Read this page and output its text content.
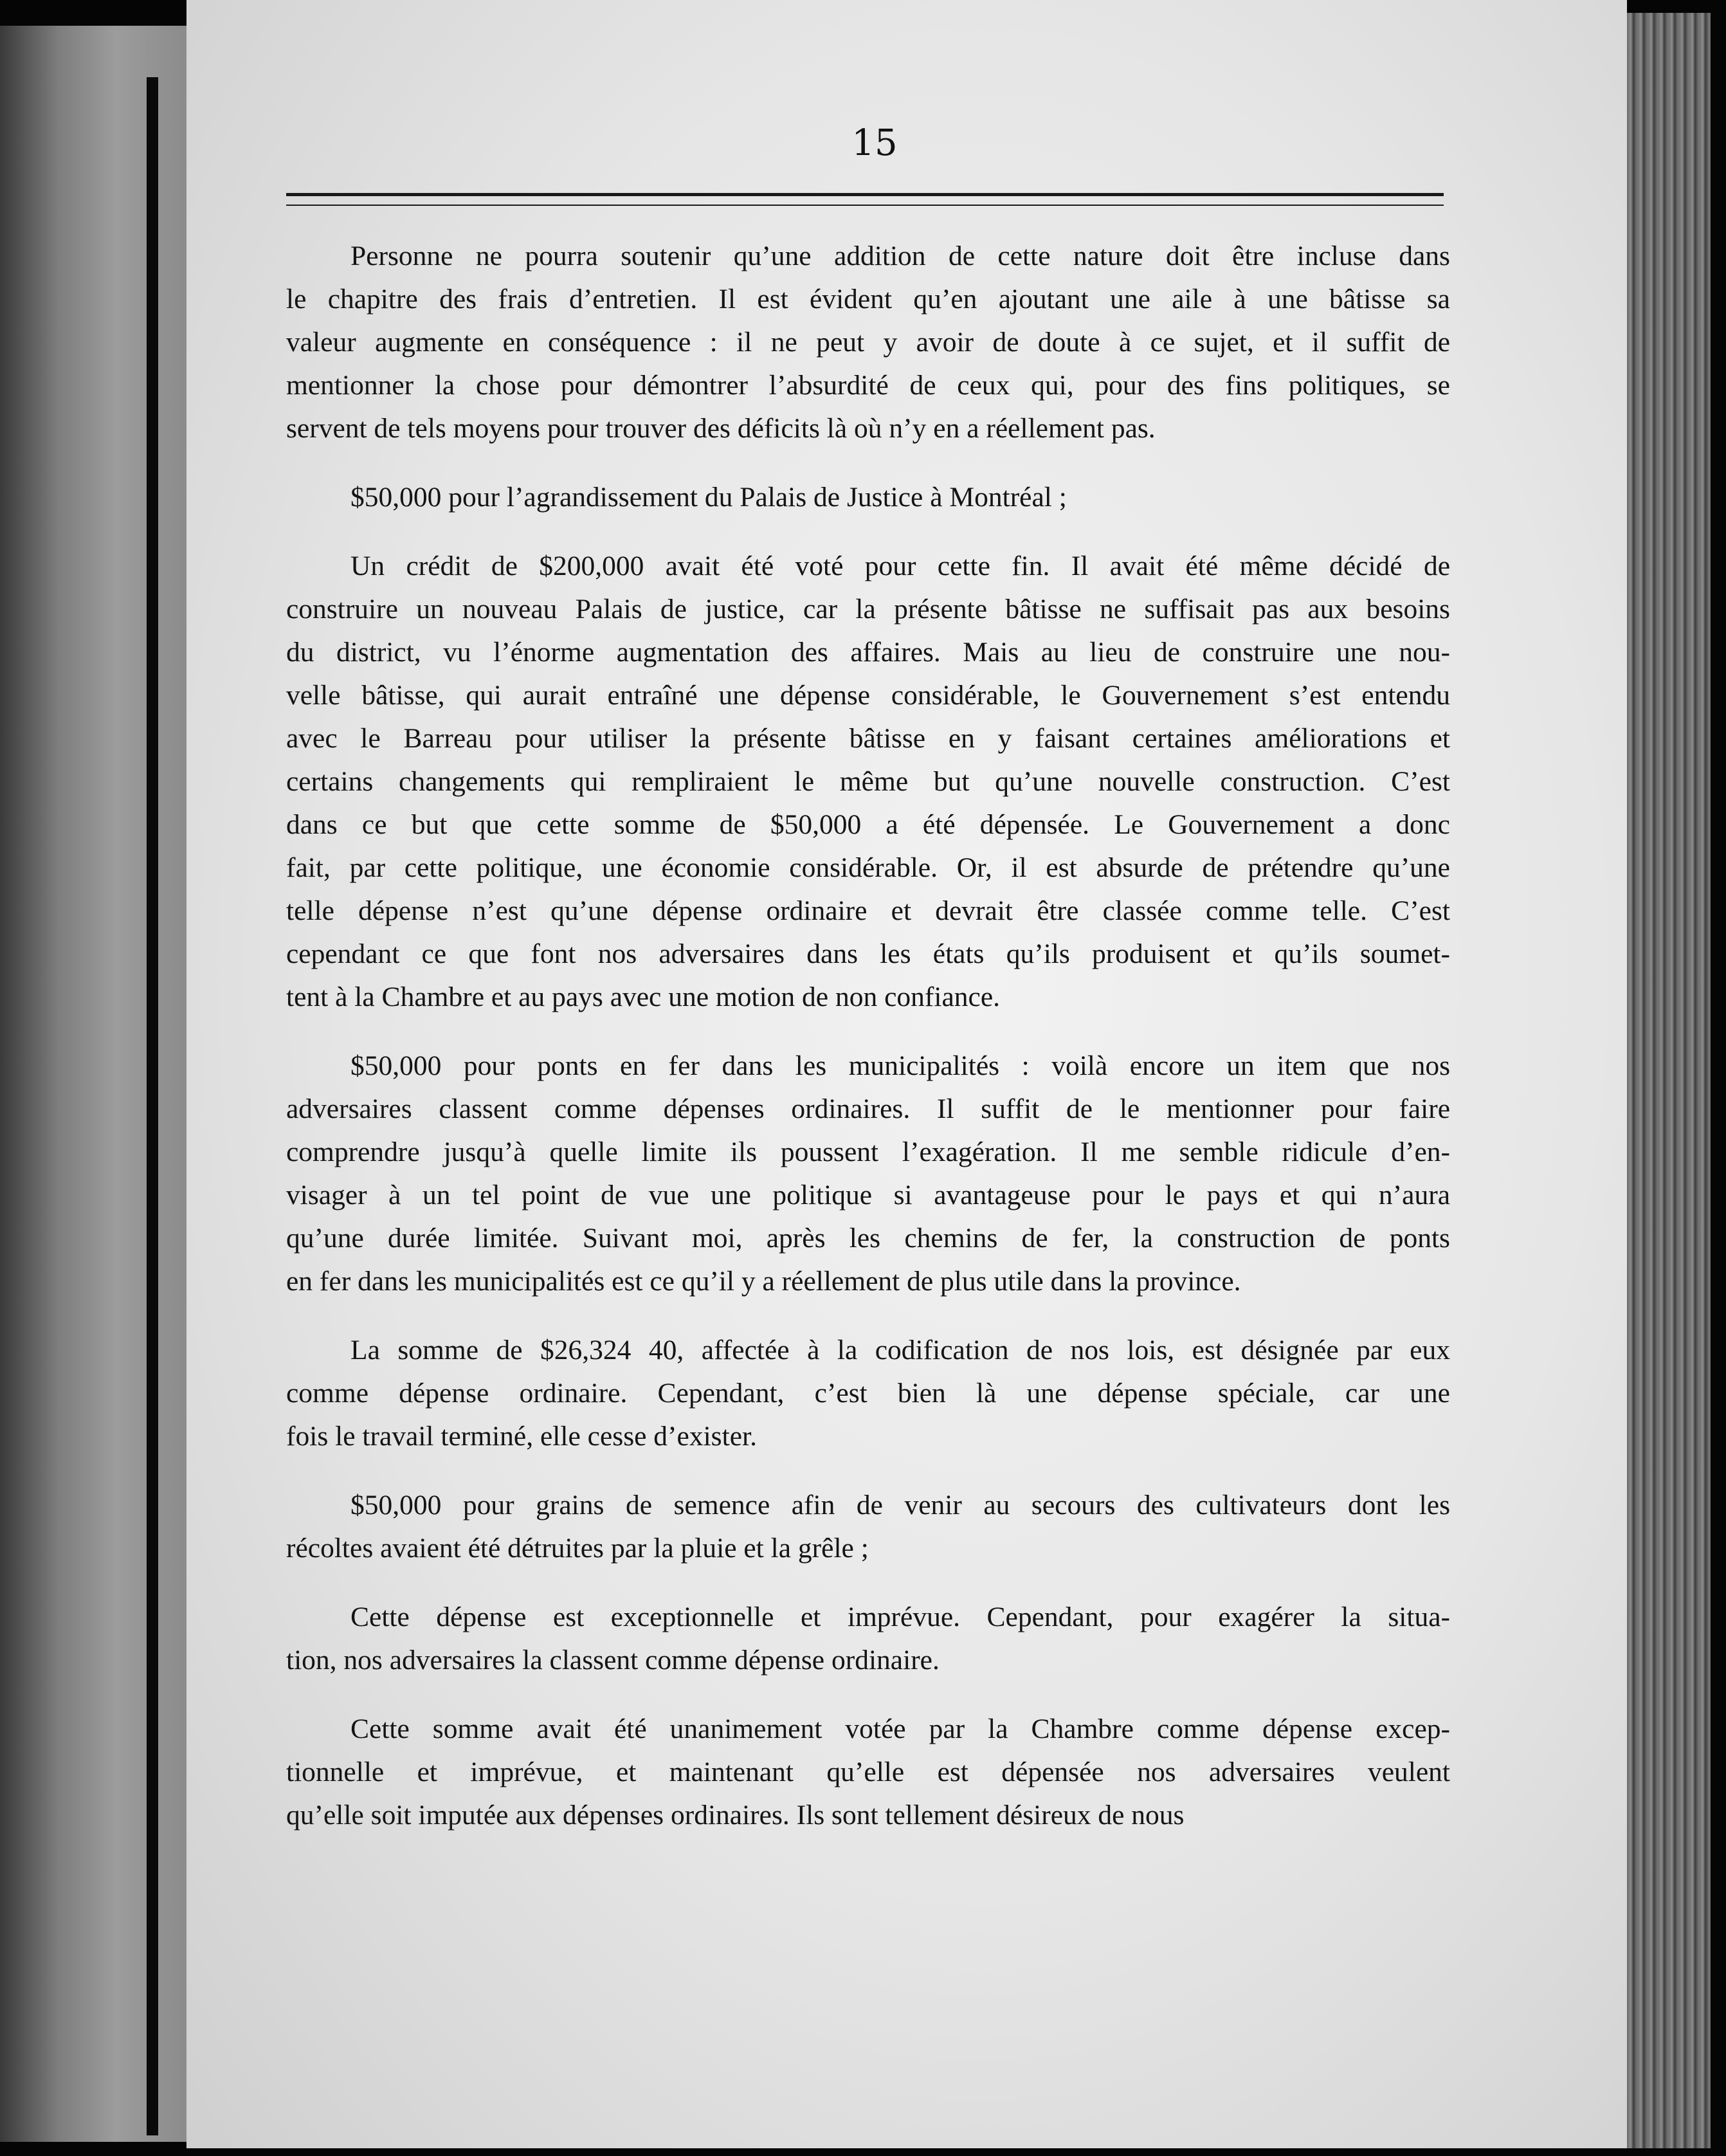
15
Personne ne pourra soutenir qu’une addition de cette nature doit être incluse dans
le chapitre des frais d’entretien. Il est évident qu’en ajoutant une aile à une bâtisse sa
valeur augmente en conséquence : il ne peut y avoir de doute à ce sujet, et il suffit de
mentionner la chose pour démontrer l’absurdité de ceux qui, pour des fins politiques, se
servent de tels moyens pour trouver des déficits là où n’y en a réellement pas.
$50,000 pour l’agrandissement du Palais de Justice à Montréal ;
Un crédit de $200,000 avait été voté pour cette fin. Il avait été même décidé de
construire un nouveau Palais de justice, car la présente bâtisse ne suffisait pas aux besoins
du district, vu l’énorme augmentation des affaires. Mais au lieu de construire une nou-
velle bâtisse, qui aurait entraîné une dépense considérable, le Gouvernement s’est entendu
avec le Barreau pour utiliser la présente bâtisse en y faisant certaines améliorations et
certains changements qui rempliraient le même but qu’une nouvelle construction. C’est
dans ce but que cette somme de $50,000 a été dépensée. Le Gouvernement a donc
fait, par cette politique, une économie considérable. Or, il est absurde de prétendre qu’une
telle dépense n’est qu’une dépense ordinaire et devrait être classée comme telle. C’est
cependant ce que font nos adversaires dans les états qu’ils produisent et qu’ils soumet-
tent à la Chambre et au pays avec une motion de non confiance.
$50,000 pour ponts en fer dans les municipalités : voilà encore un item que nos
adversaires classent comme dépenses ordinaires. Il suffit de le mentionner pour faire
comprendre jusqu’à quelle limite ils poussent l’exagération. Il me semble ridicule d’en-
visager à un tel point de vue une politique si avantageuse pour le pays et qui n’aura
qu’une durée limitée. Suivant moi, après les chemins de fer, la construction de ponts
en fer dans les municipalités est ce qu’il y a réellement de plus utile dans la province.
La somme de $26,324 40, affectée à la codification de nos lois, est désignée par eux
comme dépense ordinaire. Cependant, c’est bien là une dépense spéciale, car une
fois le travail terminé, elle cesse d’exister.
$50,000 pour grains de semence afin de venir au secours des cultivateurs dont les
récoltes avaient été détruites par la pluie et la grêle ;
Cette dépense est exceptionnelle et imprévue. Cependant, pour exagérer la situa-
tion, nos adversaires la classent comme dépense ordinaire.
Cette somme avait été unanimement votée par la Chambre comme dépense excep-
tionnelle et imprévue, et maintenant qu’elle est dépensée nos adversaires veulent
qu’elle soit imputée aux dépenses ordinaires. Ils sont tellement désireux de nous
